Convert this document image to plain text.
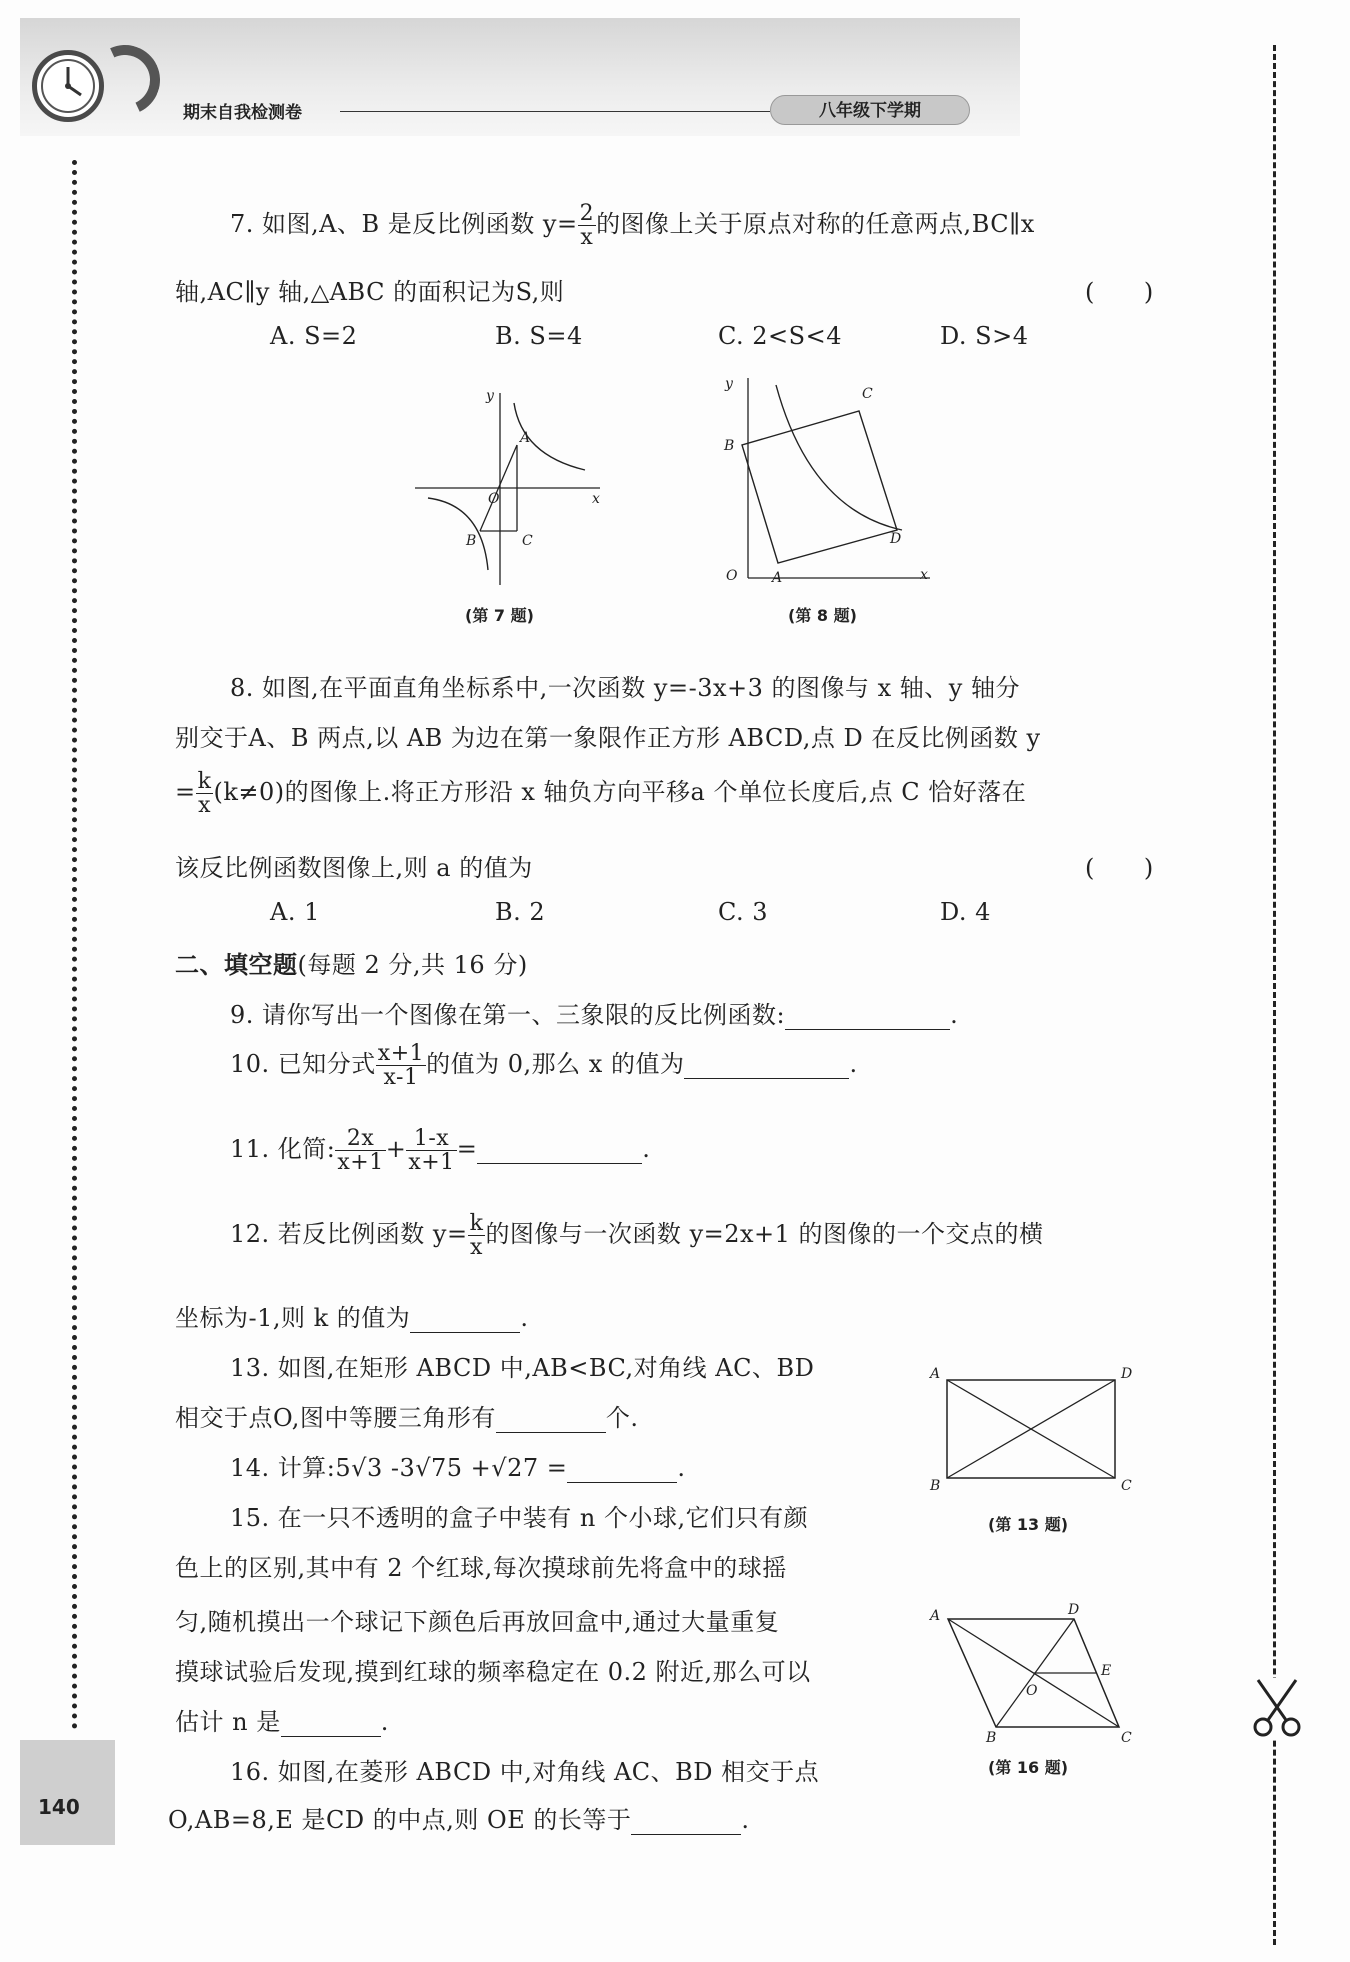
期末自我检测卷	八年级下学期
140
7. 如图,A、B 是反比例函数 $y= \frac{2}{x}$ 的图像上关于原点对称的任意两点,BC∥x
轴,AC∥y 轴,△ABC 的面积记为S,则	(　　)
A. S=2	B. S=4	C. 2<S<4	D. S>4
y
x
O
A
B	C
(第 7 题)
y
x
O A
B
C
D
(第 8 题)
8. 如图,在平面直角坐标系中,一次函数 y=-3x+3 的图像与 x 轴、y 轴分
别交于A、B 两点,以 AB 为边在第一象限作正方形 ABCD,点 D 在反比例函数 y
= $\frac{k}{x} (k\ne 0)$的图像上.将正方形沿 x 轴负方向平移a 个单位长度后,点 C 恰好落在
该反比例函数图像上,则 a 的值为	(　　)
A. 1	B. 2	C. 3	D. 4
二、填空题(每题 2 分,共 16 分)
9. 请你写出一个图像在第一、三象限的反比例函数:	.
10. 已知分式 $\frac{x+1}{x-1}$ 的值为 0,那么 x 的值为	.
11. 化简: $\frac{2x}{x+1} + \frac{1-x}{x+1}$ =	.
12. 若反比例函数 $y= \frac{k}{x}$ 的图像与一次函数 y=2x+1 的图像的一个交点的横
坐标为-1,则 k 的值为	.
13. 如图,在矩形 ABCD 中,AB<BC,对角线 AC、BD
相交于点O,图中等腰三角形有	个.
A	D
B	C
(第 13 题)
14. 计算:5√3 -3√75 +√27 =	.
15. 在一只不透明的盒子中装有 n 个小球,它们只有颜
色上的区别,其中有 2 个红球,每次摸球前先将盒中的球摇
匀,随机摸出一个球记下颜色后再放回盒中,通过大量重复
摸球试验后发现,摸到红球的频率稳定在 0.2 附近,那么可以
估计 n 是	.
A	D
E
O
B	C
(第 16 题)
16. 如图,在菱形 ABCD 中,对角线 AC、BD 相交于点
O,AB=8,E 是CD 的中点,则 OE 的长等于	.
